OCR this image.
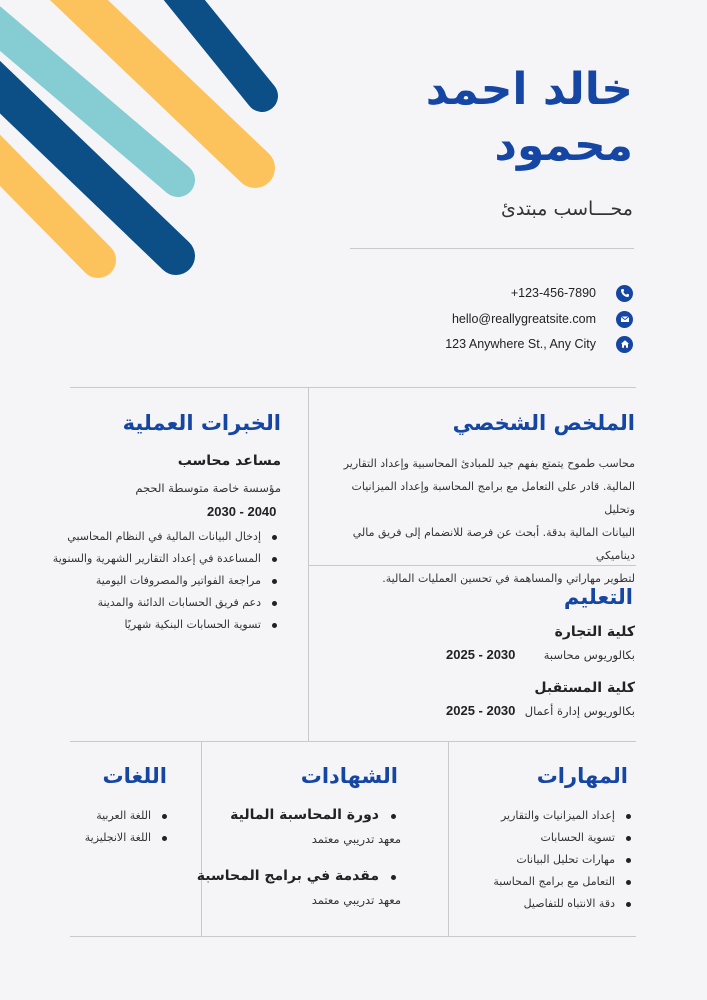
خالد احمد
محمود
محـــاسب مبتدئ
+123-456-7890
hello@reallygreatsite.com
123 Anywhere St., Any City
الملخص الشخصي
محاسب طموح يتمتع بفهم جيد للمبادئ المحاسبية وإعداد التقارير
المالية. قادر على التعامل مع برامج المحاسبة وإعداد الميزانيات وتحليل
البيانات المالية بدقة. أبحث عن فرصة للانضمام إلى فريق مالي ديناميكي
لتطوير مهاراتي والمساهمة في تحسين العمليات المالية.
الخبرات العملية
مساعد محاسب
مؤسسة خاصة متوسطة الحجم
2030 - 2040
إدخال البيانات المالية في النظام المحاسبي
المساعدة في إعداد التقارير الشهرية والسنوية
مراجعة الفواتير والمصروفات اليومية
دعم فريق الحسابات الدائنة والمدينة
تسوية الحسابات البنكية شهريًا
التعليم
كلية التجارة
بكالوريوس محاسبة
2025 - 2030
كلية المستقبل
بكالوريوس إدارة أعمال
2025 - 2030
المهارات
إعداد الميزانيات والتقارير
تسوية الحسابات
مهارات تحليل البيانات
التعامل مع برامج المحاسبة
دقة الانتباه للتفاصيل
الشهادات
دورة المحاسبة المالية
معهد تدريبي معتمد
مقدمة في برامج المحاسبة
معهد تدريبي معتمد
اللغات
اللغة العربية
اللغة الانجليزية
